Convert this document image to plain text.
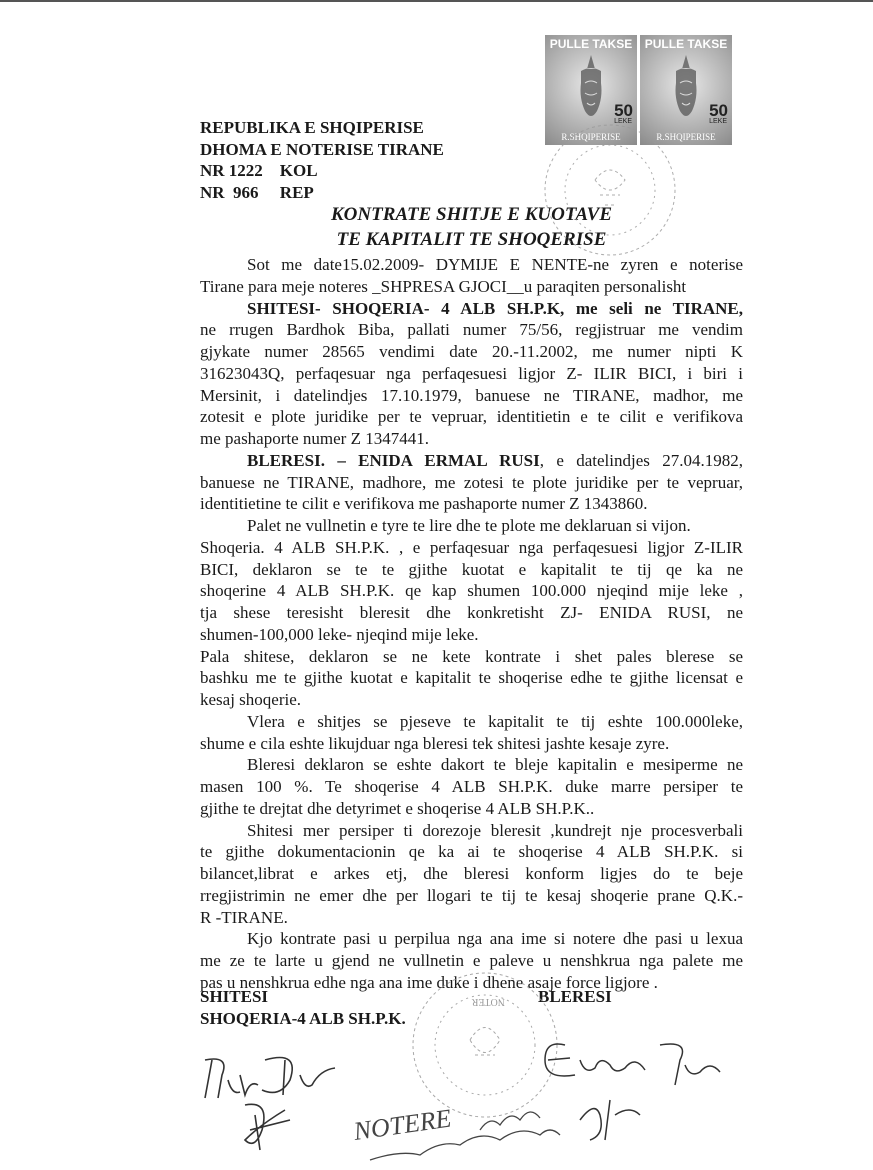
PULLE TAKSE
50
LEKE
R.SHQIPERISE
PULLE TAKSE
50
LEKE
R.SHQIPERISE
REPUBLIKA E SHQIPERISE
DHOMA E NOTERISE TIRANE
NR 1222    KOL
NR  966     REP
KONTRATE SHITJE E KUOTAVE
TE KAPITALIT TE SHOQERISE
Sot me date15.02.2009- DYMIJE E NENTE-ne zyren e noterise
Tirane para meje noteres _SHPRESA GJOCI__u paraqiten personalisht
SHITESI- SHOQERIA- 4 ALB SH.P.K, me seli ne TIRANE,
ne rrugen Bardhok Biba, pallati numer 75/56, regjistruar me vendim
gjykate numer 28565 vendimi date 20.-11.2002, me numer nipti K
31623043Q, perfaqesuar nga perfaqesuesi ligjor Z- ILIR BICI, i biri i
Mersinit, i datelindjes 17.10.1979, banuese ne TIRANE, madhor, me
zotesit e plote juridike per te vepruar, identitietin e te cilit e verifikova
me pashaporte numer Z 1347441.
BLERESI. – ENIDA ERMAL RUSI, e datelindjes 27.04.1982,
banuese ne TIRANE, madhore, me zotesi te plote juridike per te vepruar,
identitietine te cilit e verifikova me pashaporte numer Z 1343860.
Palet ne vullnetin e tyre te lire dhe te plote me deklaruan si vijon.
Shoqeria. 4 ALB SH.P.K. , e perfaqesuar nga perfaqesuesi ligjor Z-ILIR
BICI, deklaron se te te gjithe kuotat e kapitalit te tij qe ka ne
shoqerine 4 ALB SH.P.K. qe kap shumen 100.000 njeqind mije leke ,
tja shese teresisht bleresit dhe konkretisht ZJ- ENIDA RUSI, ne
shumen-100,000 leke- njeqind mije leke.
Pala shitese, deklaron se ne kete kontrate i shet pales blerese se
bashku me te gjithe kuotat e kapitalit te shoqerise edhe te gjithe licensat e
kesaj shoqerie.
Vlera e shitjes se pjeseve te kapitalit te tij eshte 100.000leke,
shume e cila eshte likujduar nga bleresi tek shitesi jashte kesaje zyre.
Bleresi deklaron se eshte dakort te bleje kapitalin e mesiperme ne
masen 100 %. Te shoqerise 4 ALB SH.P.K. duke marre persiper te
gjithe te drejtat dhe detyrimet e shoqerise 4 ALB SH.P.K..
Shitesi mer persiper ti dorezoje bleresit ,kundrejt nje procesverbali
te gjithe dokumentacionin qe ka ai te shoqerise 4 ALB SH.P.K. si
bilancet,librat e arkes etj, dhe bleresi konform ligjes do te beje
rregjistrimin ne emer dhe per llogari te tij te kesaj shoqerie prane Q.K.-
R -TIRANE.
Kjo kontrate pasi u perpilua nga ana ime si notere dhe pasi u lexua
me ze te larte u gjend ne vullnetin e paleve u nenshkrua nga palete me
pas u nenshkrua edhe nga ana ime duke i dhene asaje force ligjore .
SHITESI
SHOQERIA-4 ALB SH.P.K.
BLERESI
NOTER
NOTERE
